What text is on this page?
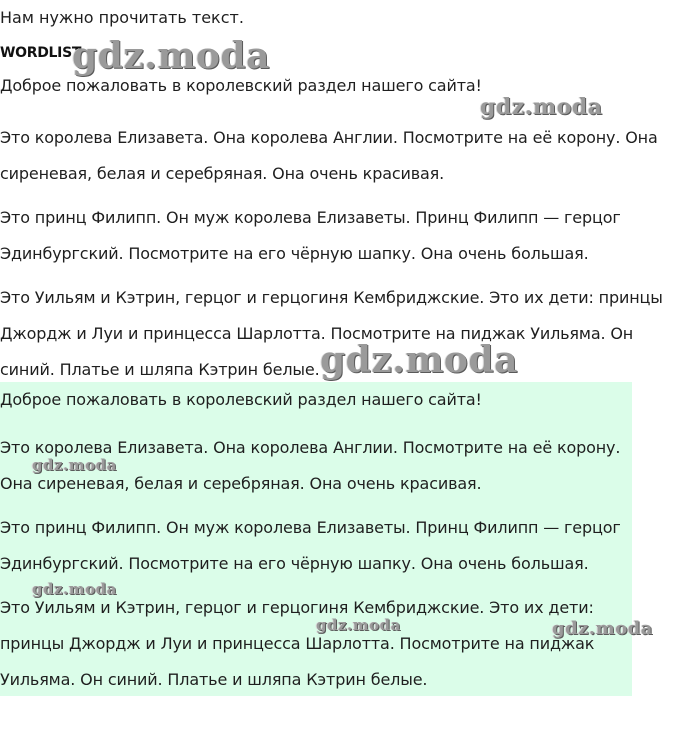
Нам нужно прочитать текст.
WORDLIST

Доброе пожаловать в королевский раздел нашего сайта!

Это королева Елизавета. Она королева Англии. Посмотрите на её корону. Она

сиреневая, белая и серебряная. Она очень красивая.

Это принц Филипп. Он муж королева Елизаветы. Принц Филипп — герцог

Эдинбургский. Посмотрите на его чёрную шапку. Она очень большая.

Это Уильям и Кэтрин, герцог и герцогиня Кембриджские. Это их дети: принцы

Джордж и Луи и принцесса Шарлотта. Посмотрите на пиджак Уильяма. Он

синий. Платье и шляпа Кэтрин белые.

Доброе пожаловать в королевский раздел нашего сайта!

Это королева Елизавета. Она королева Англии. Посмотрите на её корону.

Она сиреневая, белая и серебряная. Она очень красивая.

Это принц Филипп. Он муж королева Елизаветы. Принц Филипп — герцог

Эдинбургский. Посмотрите на его чёрную шапку. Она очень большая.

Это Уильям и Кэтрин, герцог и герцогиня Кембриджские. Это их дети:

принцы Джордж и Луи и принцесса Шарлотта. Посмотрите на пиджак

Уильяма. Он синий. Платье и шляпа Кэтрин белые.

gdz.moda
gdz.moda
gdz.moda
gdz.moda
gdz.moda
gdz.moda	gdz.moda
